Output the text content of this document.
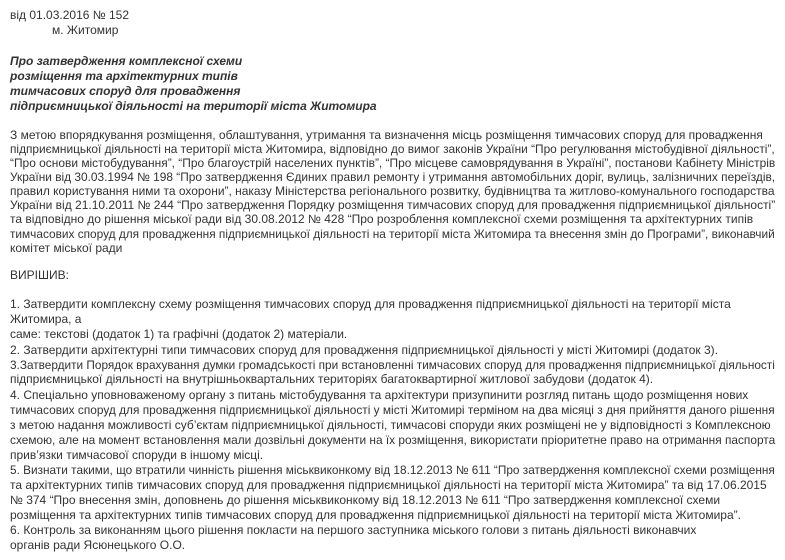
від 01.03.2016 № 152
м. Житомир
Про затвердження комплексної схеми
розміщення та архітектурних типів
тимчасових споруд для провадження
підприємницької діяльності на території міста Житомира
З метою впорядкування розміщення, облаштування, утримання та визначення місць розміщення тимчасових споруд для провадження
підприємницької діяльності на території міста Житомира, відповідно до вимог законів України “Про регулювання містобудівної діяльності”,
“Про основи містобудування”, “Про благоустрій населених пунктів”, “Про місцеве самоврядування в Україні”, постанови Кабінету Міністрів
України від 30.03.1994 № 198 “Про затвердження Єдиних правил ремонту і утримання автомобільних доріг, вулиць, залізничних переїздів,
правил користування ними та охорони”, наказу Міністерства регіонального розвитку, будівництва та житлово-комунального господарства
України від 21.10.2011 № 244 “Про затвердження Порядку розміщення тимчасових споруд для провадження підприємницької діяльності”
та відповідно до рішення міської ради від 30.08.2012 № 428 “Про розроблення комплексної схеми розміщення та архітектурних типів
тимчасових споруд для провадження підприємницької діяльності на території міста Житомира та внесення змін до Програми”, виконавчий
комітет міської ради
ВИРІШИВ:
1. Затвердити комплексну схему розміщення тимчасових споруд для провадження підприємницької діяльності на території міста
Житомира, а
саме: текстові (додаток 1) та графічні (додаток 2) матеріали.
2. Затвердити архітектурні типи тимчасових споруд для провадження підприємницької діяльності у місті Житомирі (додаток 3).
3.Затвердити Порядок врахування думки громадськості при встановленні тимчасових споруд для провадження підприємницької діяльності
підприємницької діяльності на внутрішньоквартальних територіях багатоквартирної житлової забудови (додаток 4).
4. Спеціально уповноваженому органу з питань містобудування та архітектури призупинити розгляд питань щодо розміщення нових
тимчасових споруд для провадження підприємницької діяльності у місті Житомирі терміном на два місяці з дня прийняття даного рішення
з метою надання можливості суб’єктам підприємницької діяльності, тимчасові споруди яких розміщені не у відповідності з Комплексною
схемою, але на момент встановлення мали дозвільні документи на їх розміщення, використати пріоритетне право на отримання паспорта
прив’язки тимчасової споруди в іншому місці.
5. Визнати такими, що втратили чинність рішення міськвиконкому від 18.12.2013 № 611 “Про затвердження комплексної схеми розміщення
та архітектурних типів тимчасових споруд для провадження підприємницької діяльності на території міста Житомира” та від 17.06.2015
№ 374 “Про внесення змін, доповнень до рішення міськвиконкому від 18.12.2013 № 611 “Про затвердження комплексної схеми
розміщення та архітектурних типів тимчасових споруд для провадження підприємницької діяльності на території міста Житомира”.
6. Контроль за виконанням цього рішення покласти на першого заступника міського голови з питань діяльності виконавчих
органів ради Ясюнецького О.О.
